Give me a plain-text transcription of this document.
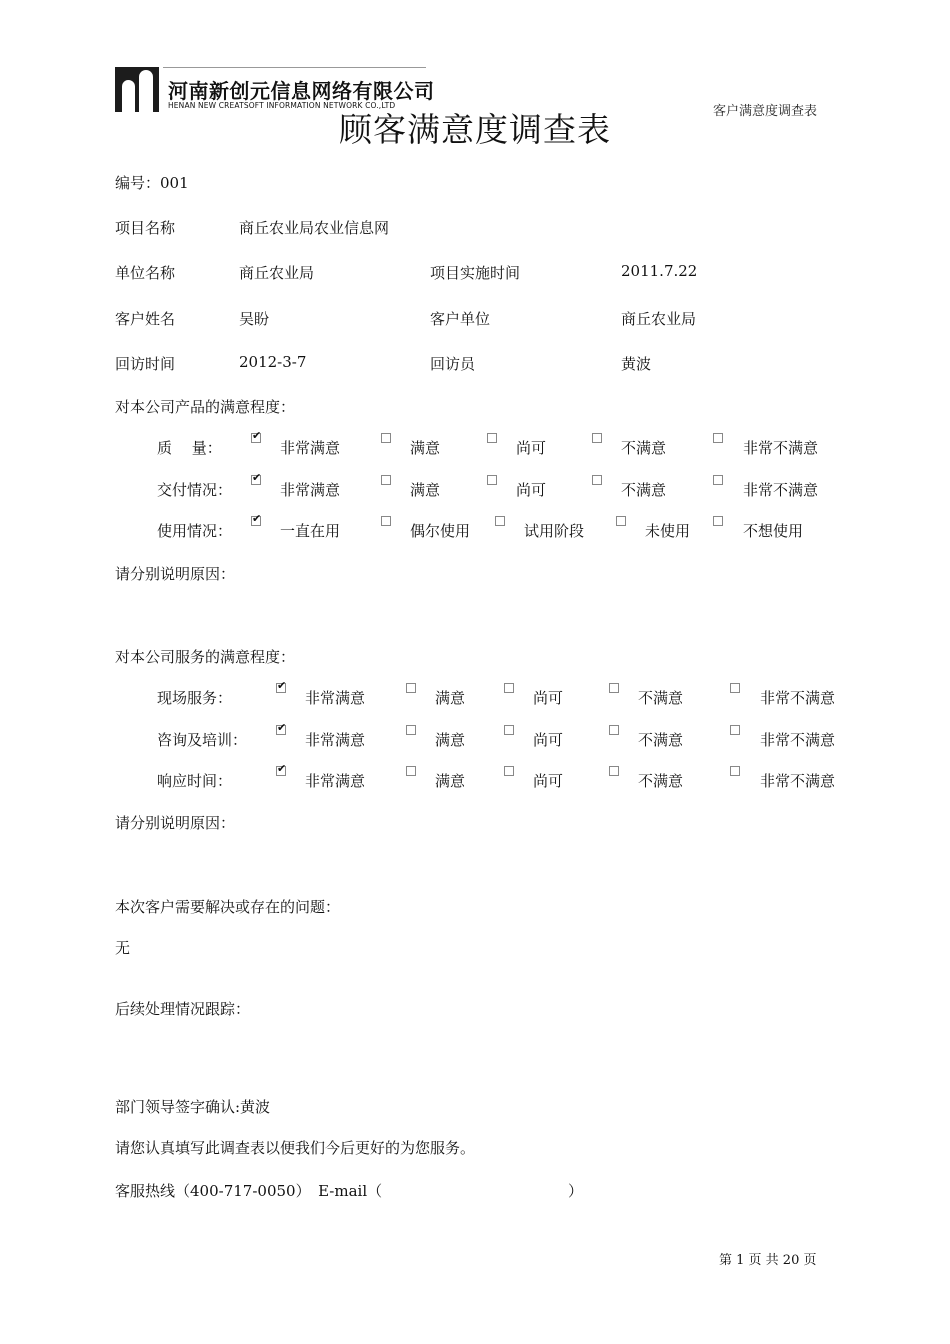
河南新创元信息网络有限公司
HENAN NEW CREATSOFT INFORMATION NETWORK CO.,LTD	客户满意度调查表
顾客满意度调查表
编号：001
项目名称	商丘农业局农业信息网
单位名称	商丘农业局	项目实施时间	2011.7.22
客户姓名	吴盼	客户单位	商丘农业局
回访时间	2012-3-7	回访员	黄波
对本公司产品的满意程度：
质　 量：
✔	非常满意	满意	尚可	不满意	非常不满意
交付情况：
✔	非常满意	满意	尚可	不满意	非常不满意
使用情况：
✔	一直在用	偶尔使用	试用阶段	未使用	不想使用
请分别说明原因：
对本公司服务的满意程度：
现场服务：
✔	非常满意	满意	尚可	不满意	非常不满意
咨询及培训：
✔	非常满意	满意	尚可	不满意	非常不满意
响应时间：
✔	非常满意	满意	尚可	不满意	非常不满意
请分别说明原因：
本次客户需要解决或存在的问题：
无
后续处理情况跟踪：
部门领导签字确认:黄波
请您认真填写此调查表以便我们今后更好的为您服务。
客服热线（400-717-0050）　E-mail（	）
第 1 页 共 20 页
